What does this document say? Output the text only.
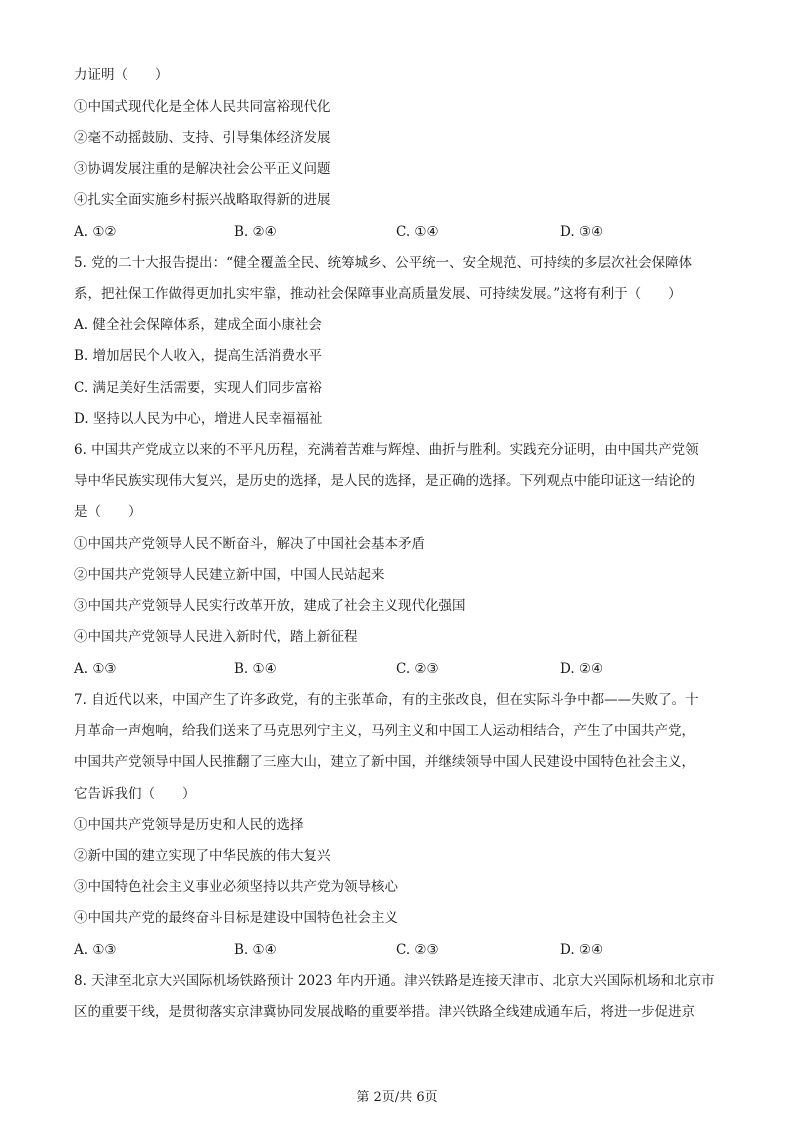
力证明（　　）
①中国式现代化是全体人民共同富裕现代化
②毫不动摇鼓励、支持、引导集体经济发展
③协调发展注重的是解决社会公平正义问题
④扎实全面实施乡村振兴战略取得新的进展
A. ①②	B. ②④	C. ①④	D. ③④
5. 党的二十大报告提出：“健全覆盖全民、统筹城乡、公平统一、安全规范、可持续的多层次社会保障体
系，把社保工作做得更加扎实牢靠，推动社会保障事业高质量发展、可持续发展。”这将有利于（　　）
A. 健全社会保障体系，建成全面小康社会
B. 增加居民个人收入，提高生活消费水平
C. 满足美好生活需要，实现人们同步富裕
D. 坚持以人民为中心，增进人民幸福福祉
6. 中国共产党成立以来的不平凡历程，充满着苦难与辉煌、曲折与胜利。实践充分证明，由中国共产党领
导中华民族实现伟大复兴，是历史的选择，是人民的选择，是正确的选择。下列观点中能印证这一结论的
是（　　）
①中国共产党领导人民不断奋斗，解决了中国社会基本矛盾
②中国共产党领导人民建立新中国，中国人民站起来
③中国共产党领导人民实行改革开放，建成了社会主义现代化强国
④中国共产党领导人民进入新时代，踏上新征程
A. ①③	B. ①④	C. ②③	D. ②④
7. 自近代以来，中国产生了许多政党，有的主张革命，有的主张改良，但在实际斗争中都——失败了。十
月革命一声炮响，给我们送来了马克思列宁主义，马列主义和中国工人运动相结合，产生了中国共产党，
中国共产党领导中国人民推翻了三座大山，建立了新中国，并继续领导中国人民建设中国特色社会主义，
它告诉我们（　　）
①中国共产党领导是历史和人民的选择
②新中国的建立实现了中华民族的伟大复兴
③中国特色社会主义事业必须坚持以共产党为领导核心
④中国共产党的最终奋斗目标是建设中国特色社会主义
A. ①③	B. ①④	C. ②③	D. ②④
8. 天津至北京大兴国际机场铁路预计 2023 年内开通。津兴铁路是连接天津市、北京大兴国际机场和北京市
区的重要干线，是贯彻落实京津冀协同发展战略的重要举措。津兴铁路全线建成通车后，将进一步促进京
第 2页/共 6页
